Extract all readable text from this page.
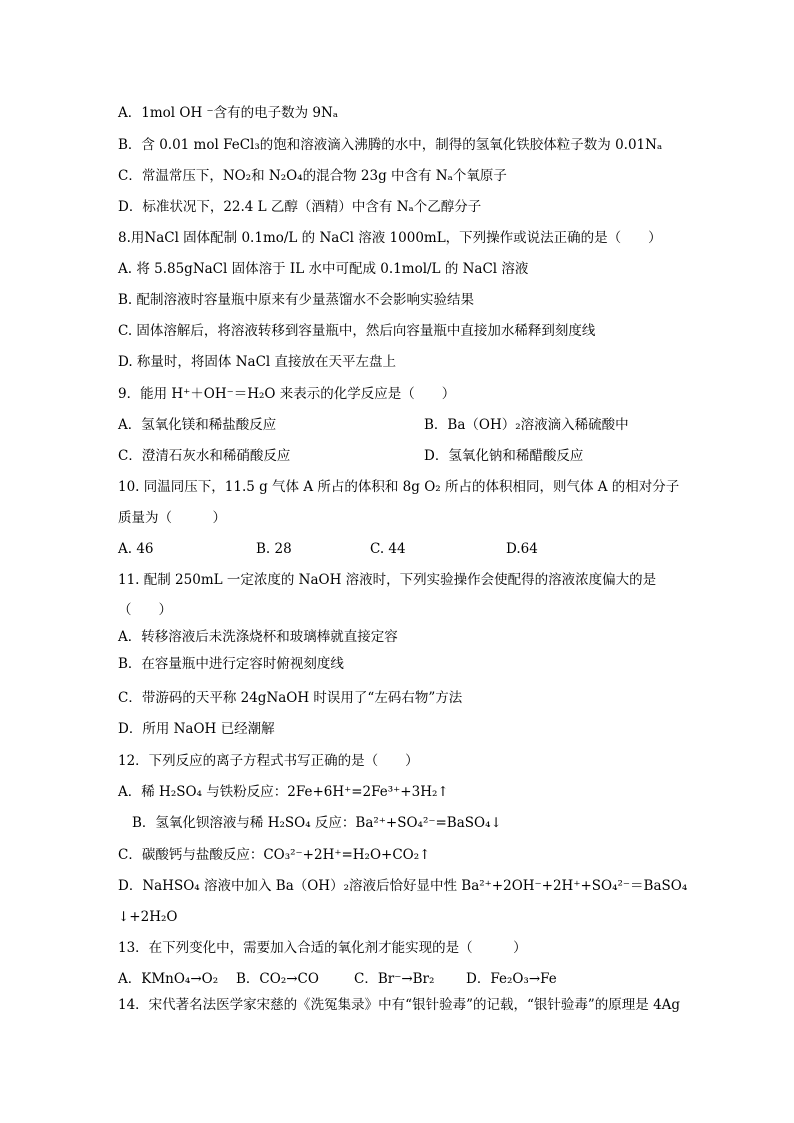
A．1mol OH ⁻含有的电子数为 9Nₐ
B．含 0.01 mol FeCl₃的饱和溶液滴入沸腾的水中，制得的氢氧化铁胶体粒子数为 0.01Nₐ
C．常温常压下，NO₂和 N₂O₄的混合物 23g 中含有 Nₐ个氧原子
D．标准状况下，22.4 L 乙醇（酒精）中含有 Nₐ个乙醇分子
8.用NaCl 固体配制 0.1mo/L 的 NaCl 溶液 1000mL，下列操作或说法正确的是（　　）
A. 将 5.85gNaCl 固体溶于 IL 水中可配成 0.1mol/L 的 NaCl 溶液
B. 配制溶液时容量瓶中原来有少量蒸馏水不会影响实验结果
C. 固体溶解后，将溶液转移到容量瓶中，然后向容量瓶中直接加水稀释到刻度线
D. 称量时，将固体 NaCl 直接放在天平左盘上
9．能用 H⁺＋OH⁻＝H₂O 来表示的化学反应是（　　）
A．氢氧化镁和稀盐酸反应	B．Ba（OH）₂溶液滴入稀硫酸中
C．澄清石灰水和稀硝酸反应	D．氢氧化钠和稀醋酸反应
10. 同温同压下，11.5 g 气体 A 所占的体积和 8g O₂ 所占的体积相同，则气体 A 的相对分子
质量为（　　　）
A. 46	B. 28	C. 44	D.64
11. 配制 250mL 一定浓度的 NaOH 溶液时，下列实验操作会使配得的溶液浓度偏大的是
（　　）
A．转移溶液后未洗涤烧杯和玻璃棒就直接定容
B．在容量瓶中进行定容时俯视刻度线
C．带游码的天平称 24gNaOH 时误用了“左码右物”方法
D．所用 NaOH 已经潮解
12．下列反应的离子方程式书写正确的是（　　）
A．稀 H₂SO₄ 与铁粉反应：2Fe+6H⁺=2Fe³⁺+3H₂↑
B．氢氧化钡溶液与稀 H₂SO₄ 反应：Ba²⁺+SO₄²⁻=BaSO₄↓
C．碳酸钙与盐酸反应：CO₃²⁻+2H⁺=H₂O+CO₂↑
D．NaHSO₄ 溶液中加入 Ba（OH）₂溶液后恰好显中性 Ba²⁺+2OH⁻+2H⁺+SO₄²⁻＝BaSO₄
↓+2H₂O
13．在下列变化中，需要加入合适的氧化剂才能实现的是（　　　）
A．KMnO₄→O₂ B．CO₂→CO	C．Br⁻→Br₂ D．Fe₂O₃→Fe
14．宋代著名法医学家宋慈的《洗冤集录》中有“银针验毒”的记载，“银针验毒”的原理是 4Ag
